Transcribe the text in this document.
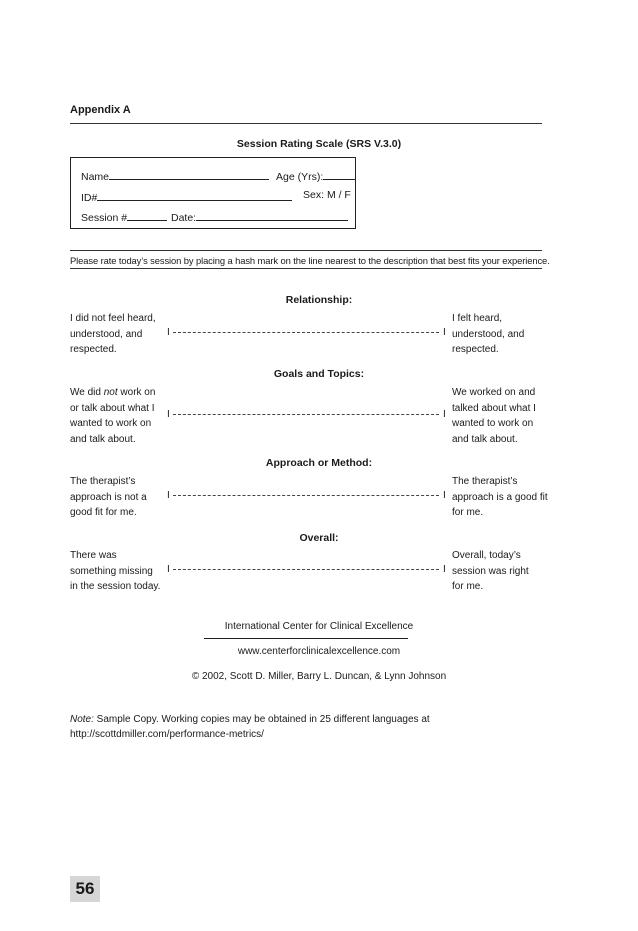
Appendix A
Session Rating Scale (SRS V.3.0)
Name	Age (Yrs):
ID#	Sex: M / F
Session #	Date:
Please rate today’s session by placing a hash mark on the line nearest to the description that best fits your experience.
Relationship:
I did not feel heard,
understood, and
respected.
I	I
I felt heard,
understood, and
respected.
Goals and Topics:
We did not work on
or talk about what I
wanted to work on
and talk about.
I	I
We worked on and
talked about what I
wanted to work on
and talk about.
Approach or Method:
The therapist’s
approach is not a
good fit for me.
I	I
The therapist’s
approach is a good fit
for me.
Overall:
There was
something missing
in the session today.
I	I
Overall, today’s
session was right
for me.
International Center for Clinical Excellence
www.centerforclinicalexcellence.com
© 2002, Scott D. Miller, Barry L. Duncan, & Lynn Johnson
Note: Sample Copy. Working copies may be obtained in 25 different languages at
http://scottdmiller.com/performance-metrics/
56
